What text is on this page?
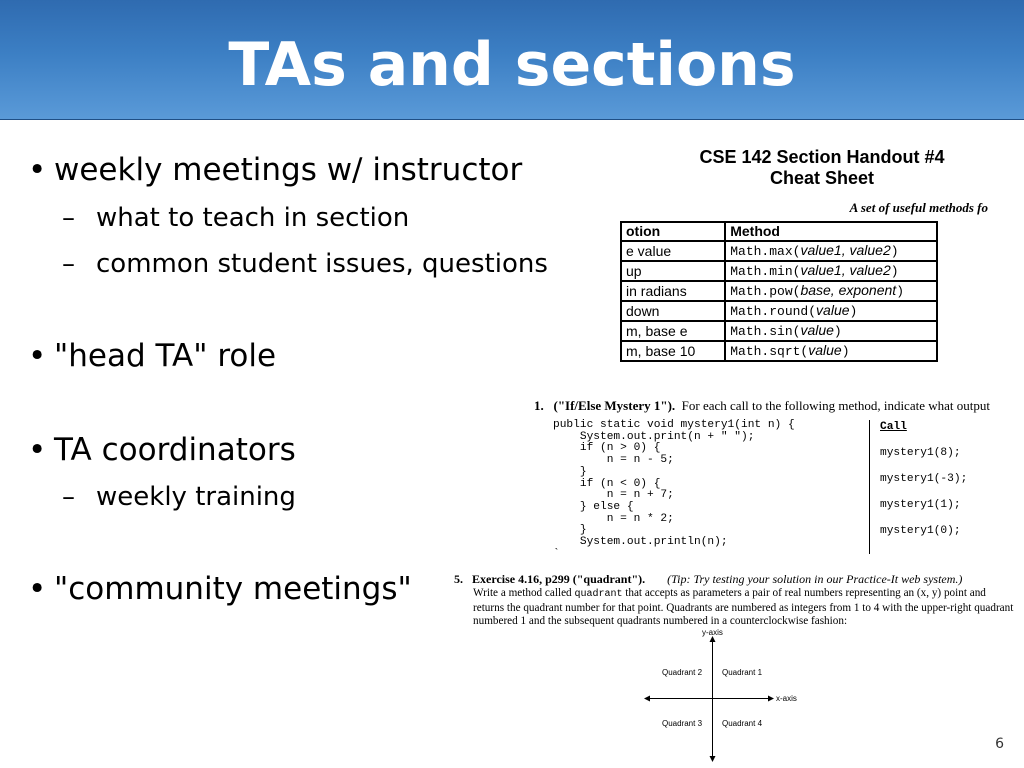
TAs and sections
• weekly meetings w/ instructor
– what to teach in section
– common student issues, questions
• "head TA" role
• TA coordinators
– weekly training
• "community meetings"
CSE 142 Section Handout #4
Cheat Sheet
A set of useful methods fo
otion	Method
e value	Math.max(value1, value2)
up	Math.min(value1, value2)
in radians	Math.pow(base, exponent)
down	Math.round(value)
m, base e	Math.sin(value)
m, base 10	Math.sqrt(value)
1. ("If/Else Mystery 1"). For each call to the following method, indicate what output
public static void mystery1(int n) {
System.out.print(n + " ");
if (n > 0) {
n = n - 5;
}
if (n < 0) {
n = n + 7;
} else {
n = n * 2;
}
System.out.println(n);
`
Call
mystery1(8);
mystery1(-3);
mystery1(1);
mystery1(0);
5. Exercise 4.16, p299 ("quadrant"). (Tip: Try testing your solution in our Practice-It web system.)
Write a method called quadrant that accepts as parameters a pair of real numbers representing an (x, y) point and returns the quadrant number for that point. Quadrants are numbered as integers from 1 to 4 with the upper-right quadrant numbered 1 and the subsequent quadrants numbered in a counterclockwise fashion:
y-axis
x-axis
Quadrant 2 Quadrant 1
Quadrant 3 Quadrant 4
6
